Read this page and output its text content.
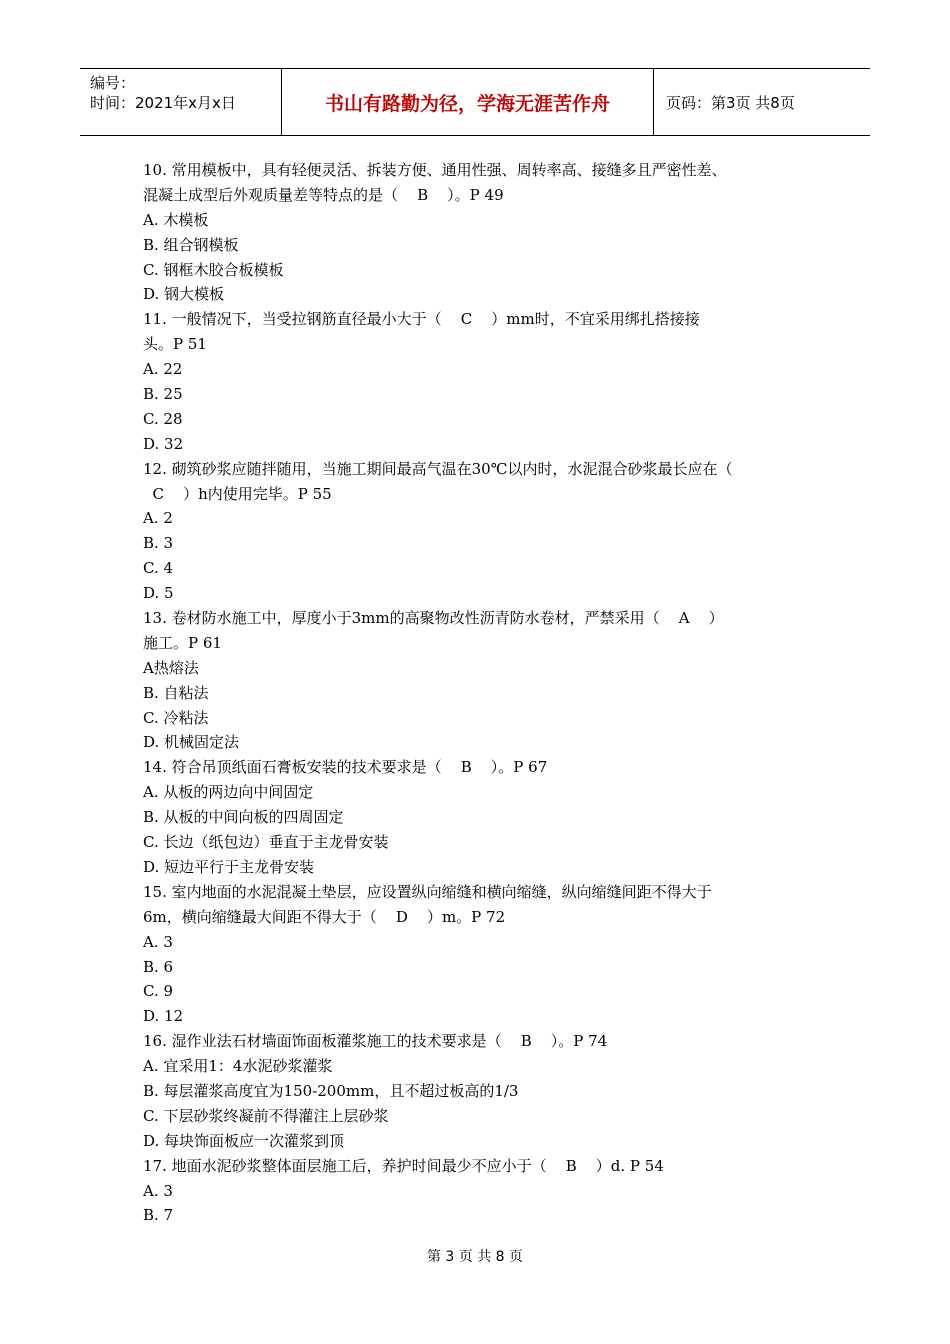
编号：
时间：2021年x月x日	书山有路勤为径，学海无涯苦作舟	页码：第3页 共8页
10. 常用模板中，具有轻便灵活、拆装方便、通用性强、周转率高、接缝多且严密性差、
混凝土成型后外观质量差等特点的是（    B    ）。P 49
A. 木模板
B. 组合钢模板
C. 钢框木胶合板模板
D. 钢大模板
11. 一般情况下，当受拉钢筋直径最小大于（    C    ）mm时，不宜采用绑扎搭接接
头。P 51
A. 22
B. 25
C. 28
D. 32
12. 砌筑砂浆应随拌随用，当施工期间最高气温在30℃以内时，水泥混合砂浆最长应在（
C    ）h内使用完毕。P 55
A. 2
B. 3
C. 4
D. 5
13. 卷材防水施工中，厚度小于3mm的高聚物改性沥青防水卷材，严禁采用（    A    ）
施工。P 61
A热熔法
B. 自粘法
C. 冷粘法
D. 机械固定法
14. 符合吊顶纸面石膏板安装的技术要求是（    B    ）。P 67
A. 从板的两边向中间固定
B. 从板的中间向板的四周固定
C. 长边（纸包边）垂直于主龙骨安装
D. 短边平行于主龙骨安装
15. 室内地面的水泥混凝土垫层，应设置纵向缩缝和横向缩缝，纵向缩缝间距不得大于
6m，横向缩缝最大间距不得大于（    D    ）m。P 72
A. 3
B. 6
C. 9
D. 12
16. 湿作业法石材墙面饰面板灌浆施工的技术要求是（    B    ）。P 74
A. 宜采用1：4水泥砂浆灌浆
B. 每层灌浆高度宜为150-200mm，且不超过板高的1/3
C. 下层砂浆终凝前不得灌注上层砂浆
D. 每块饰面板应一次灌浆到顶
17. 地面水泥砂浆整体面层施工后，养护时间最少不应小于（    B    ）d. P 54
A. 3
B. 7
第 3 页 共 8 页
